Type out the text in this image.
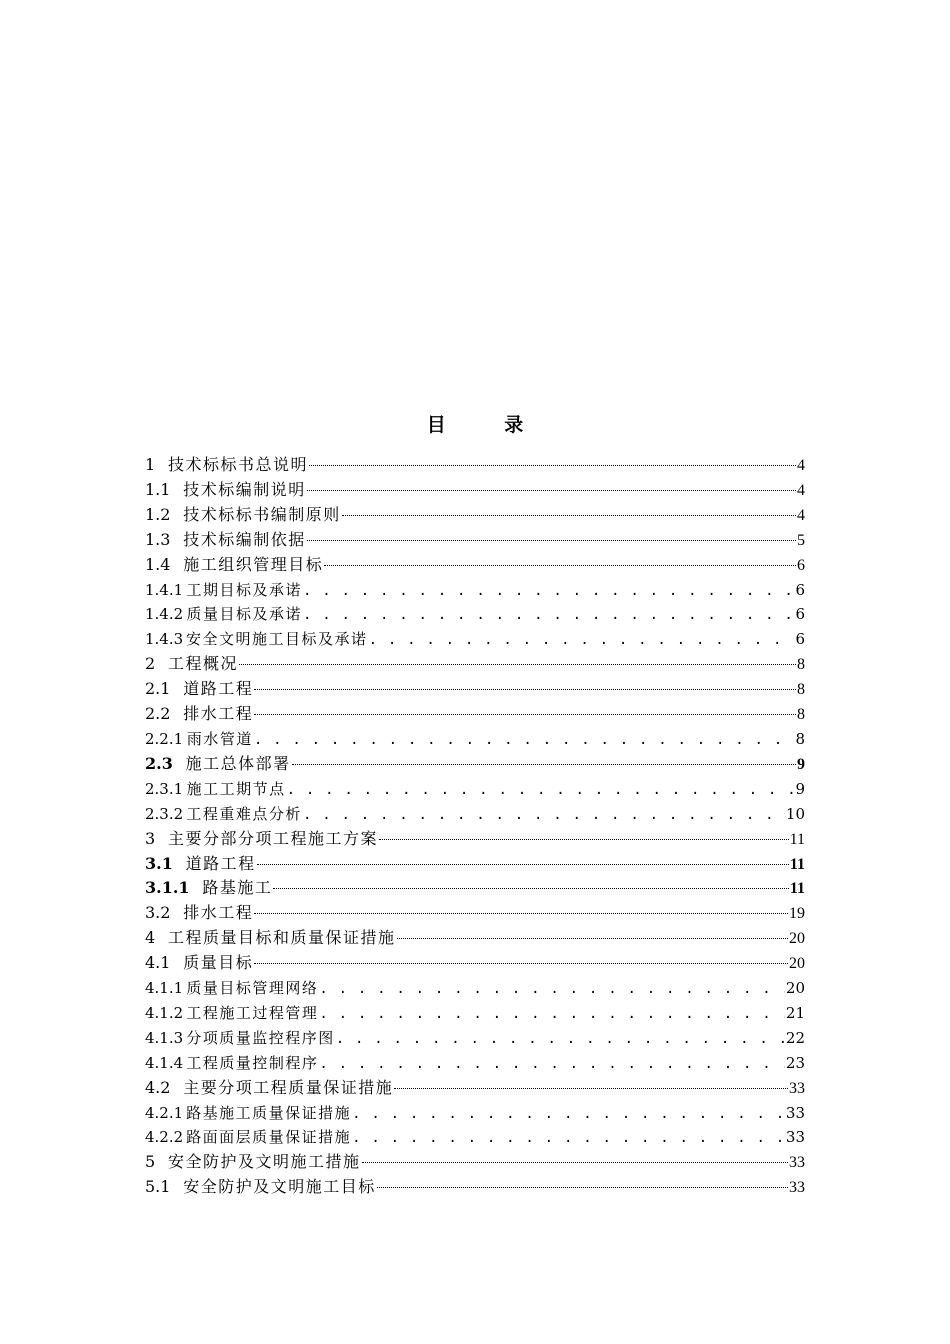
目 录
1 技术标标书总说明	4
1.1 技术标编制说明	4
1.2 技术标标书编制原则	4
1.3 技术标编制依据	5
1.4 施工组织管理目标	6
1.4.1 工期目标及承诺 . . .	6
1.4.2 质量目标及承诺 . . .	6
1.4.3 安全文明施工目标及承诺 . . .	6
2 工程概况	8
2.1 道路工程	8
2.2 排水工程	8
2.2.1 雨水管道 . . .	8
2.3 施工总体部署	9
2.3.1 施工工期节点 . . .	9
2.3.2 工程重难点分析 . . .	10
3 主要分部分项工程施工方案	11
3.1 道路工程	11
3.1.1 路基施工	11
3.2 排水工程	19
4 工程质量目标和质量保证措施	20
4.1 质量目标	20
4.1.1 质量目标管理网络 . . .	20
4.1.2 工程施工过程管理 . . .	21
4.1.3 分项质量监控程序图 . . .	22
4.1.4 工程质量控制程序 . . .	23
4.2 主要分项工程质量保证措施	33
4.2.1 路基施工质量保证措施 . . .	33
4.2.2 路面面层质量保证措施 . . .	33
5 安全防护及文明施工措施	33
5.1 安全防护及文明施工目标	33
